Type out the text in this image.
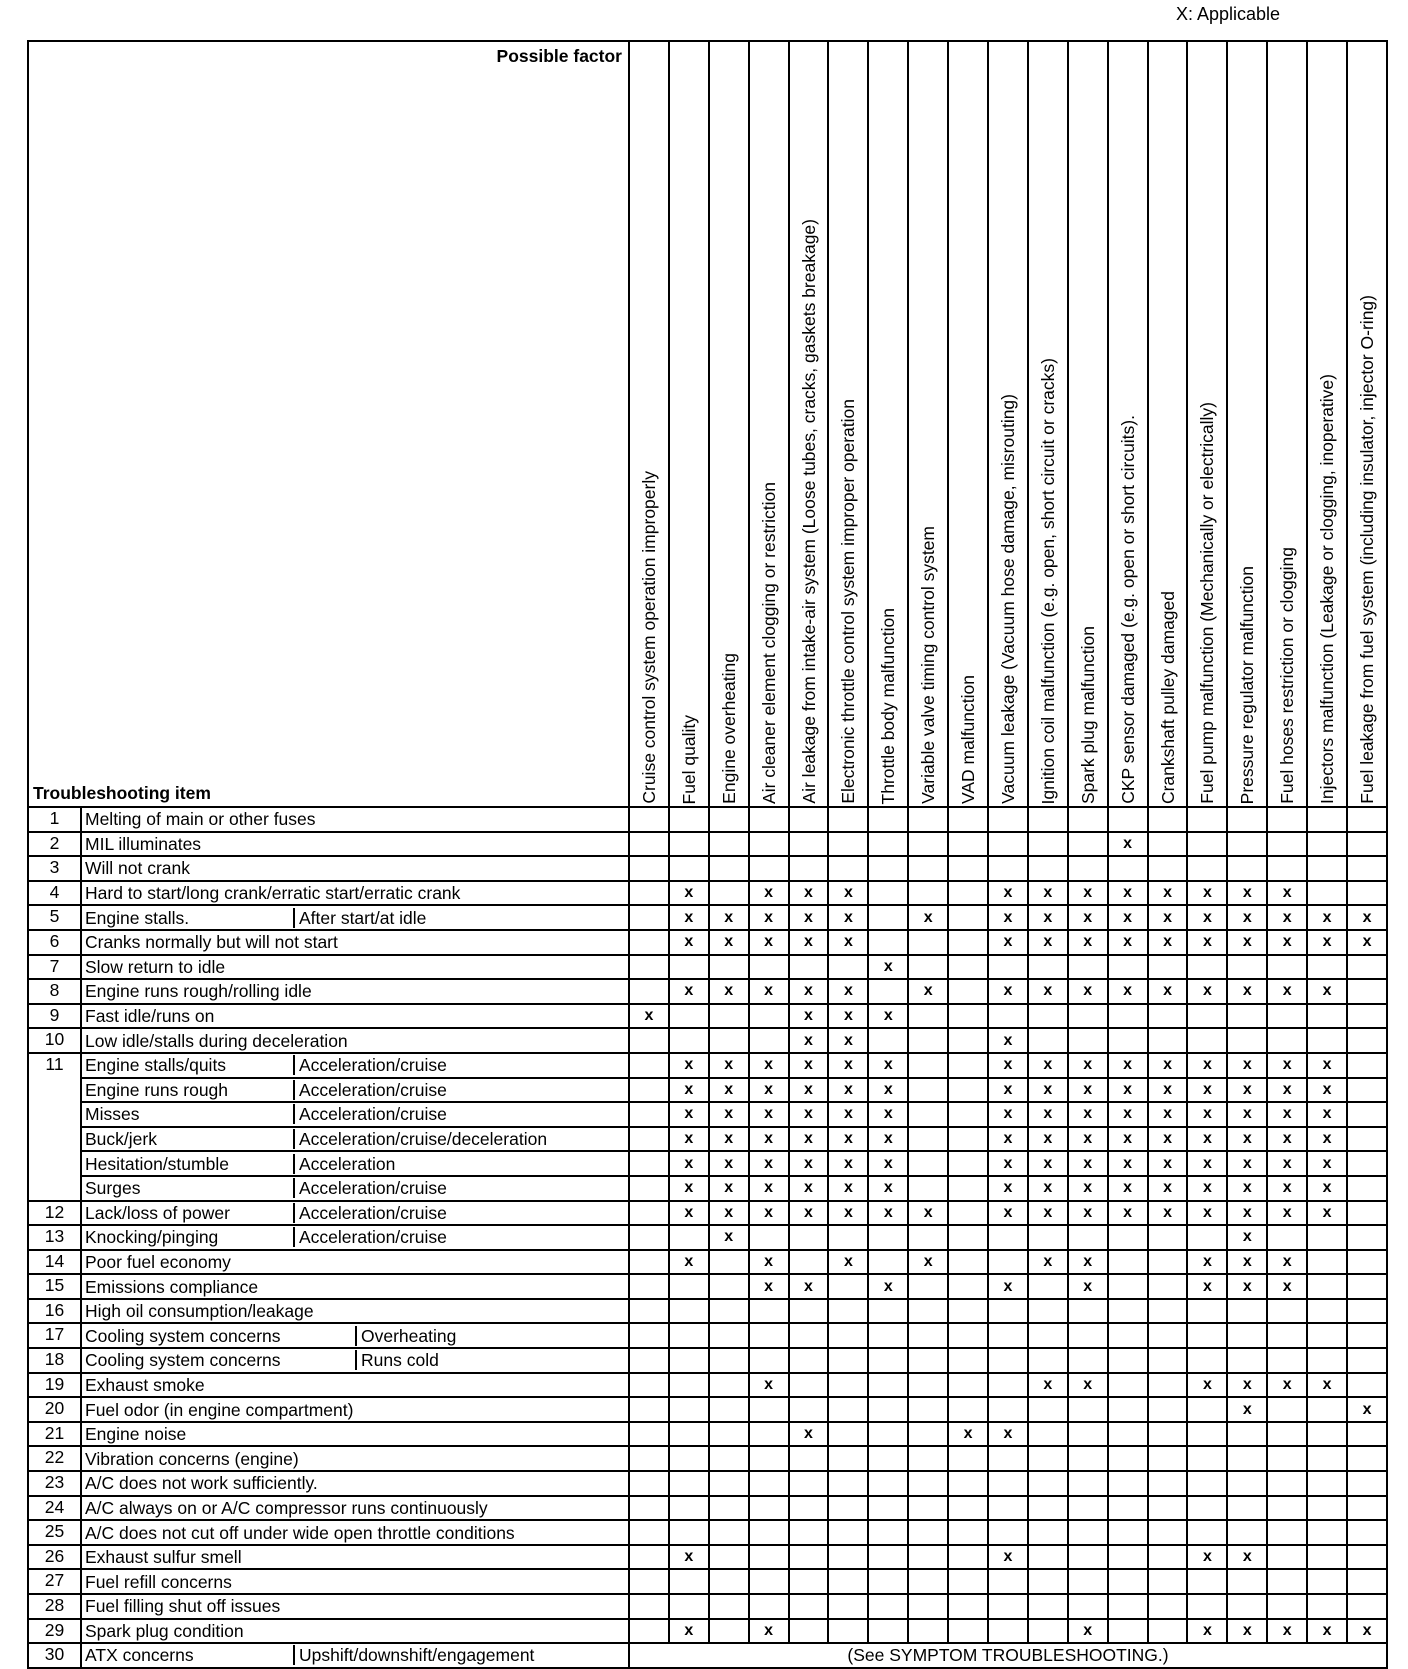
X: Applicable
Possible factor
Troubleshooting item		Cruise control system operation improperly	Fuel quality	Engine overheating	Air cleaner element clogging or restriction	Air leakage from intake-air system (Loose tubes, cracks, gaskets breakage)	Electronic throttle control system improper operation	Throttle body malfunction	Variable valve timing control system	VAD malfunction	Vacuum leakage (Vacuum hose damage, misrouting)	Ignition coil malfunction (e.g. open, short circuit or cracks)	Spark plug malfunction	CKP sensor damaged (e.g. open or short circuits).	Crankshaft pulley damaged	Fuel pump malfunction (Mechanically or electrically)	Pressure regulator malfunction	Fuel hoses restriction or clogging	Injectors malfunction (Leakage or clogging, inoperative)	Fuel leakage from fuel system (including insulator, injector O-ring)

1	Melting of main or other fuses																			
2	MIL illuminates													x						
3	Will not crank																			
4	Hard to start/long crank/erratic start/erratic crank		x		x	x	x				x	x	x	x	x	x	x	x		
5	Engine stalls. After start/at idle		x	x	x	x	x		x		x	x	x	x	x	x	x	x	x	x
6	Cranks normally but will not start		x	x	x	x	x				x	x	x	x	x	x	x	x	x	x
7	Slow return to idle							x												
8	Engine runs rough/rolling idle		x	x	x	x	x		x		x	x	x	x	x	x	x	x	x	
9	Fast idle/runs on	x				x	x	x												
10	Low idle/stalls during deceleration					x	x				x									
11	Engine stalls/quits Acceleration/cruise		x	x	x	x	x	x			x	x	x	x	x	x	x	x	x	

	Engine runs rough Acceleration/cruise		x	x	x	x	x	x			x	x	x	x	x	x	x	x	x	

	Misses Acceleration/cruise		x	x	x	x	x	x			x	x	x	x	x	x	x	x	x	

	Buck/jerk Acceleration/cruise/deceleration		x	x	x	x	x	x			x	x	x	x	x	x	x	x	x	

	Hesitation/stumble Acceleration		x	x	x	x	x	x			x	x	x	x	x	x	x	x	x	

	Surges Acceleration/cruise		x	x	x	x	x	x			x	x	x	x	x	x	x	x	x	
12	Lack/loss of power Acceleration/cruise		x	x	x	x	x	x	x		x	x	x	x	x	x	x	x	x	
13	Knocking/pinging Acceleration/cruise			x													x			
14	Poor fuel economy		x		x		x		x			x	x			x	x	x		
15	Emissions compliance				x	x		x			x		x			x	x	x		
16	High oil consumption/leakage																			
17	Cooling system concerns Overheating																			

18	Cooling system concerns Runs cold																			

19	Exhaust smoke				x							x	x			x	x	x	x	
20	Fuel odor (in engine compartment)																x			x
21	Engine noise					x				x	x									
22	Vibration concerns (engine)																			
23	A/C does not work sufficiently.																			
24	A/C always on or A/C compressor runs continuously																			
25	A/C does not cut off under wide open throttle conditions																			
26	Exhaust sulfur smell		x								x					x	x			
27	Fuel refill concerns																			
28	Fuel filling shut off issues																			
29	Spark plug condition		x		x								x			x	x	x	x	x
30	ATX concerns Upshift/downshift/engagement	(See SYMPTOM TROUBLESHOOTING.)																		
